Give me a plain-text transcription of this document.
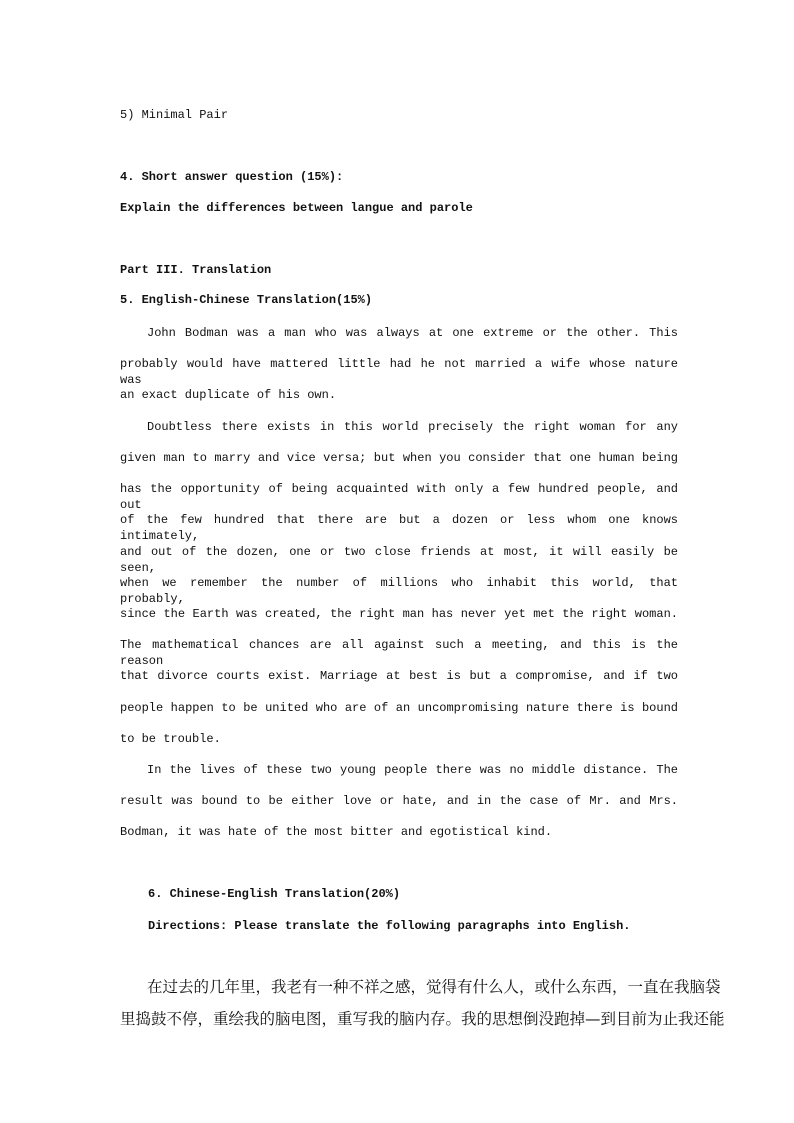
5) Minimal Pair
4. Short answer question (15%):
Explain the differences between langue and parole
Part III. Translation
5. English-Chinese Translation(15%)
John Bodman was a man who was always at one extreme or the other. This
probably would have mattered little had he not married a wife whose nature was
an exact duplicate of his own.
Doubtless there exists in this world precisely the right woman for any
given man to marry and vice versa; but when you consider that one human being
has the opportunity of being acquainted with only a few hundred people, and out
of the few hundred that there are but a dozen or less whom one knows intimately,
and out of the dozen, one or two close friends at most, it will easily be seen,
when we remember the number of millions who inhabit this world, that probably,
since the Earth was created, the right man has never yet met the right woman.
The mathematical chances are all against such a meeting, and this is the reason
that divorce courts exist. Marriage at best is but a compromise, and if two
people happen to be united who are of an uncompromising nature there is bound
to be trouble.
In the lives of these two young people there was no middle distance. The
result was bound to be either love or hate, and in the case of Mr. and Mrs.
Bodman, it was hate of the most bitter and egotistical kind.
6. Chinese-English Translation(20%)
Directions: Please translate the following paragraphs into English.
在过去的几年里，我老有一种不祥之感，觉得有什么人，或什么东西，一直在我脑袋
里捣鼓不停，重绘我的脑电图，重写我的脑内存。我的思想倒没跑掉—到目前为止我还能
